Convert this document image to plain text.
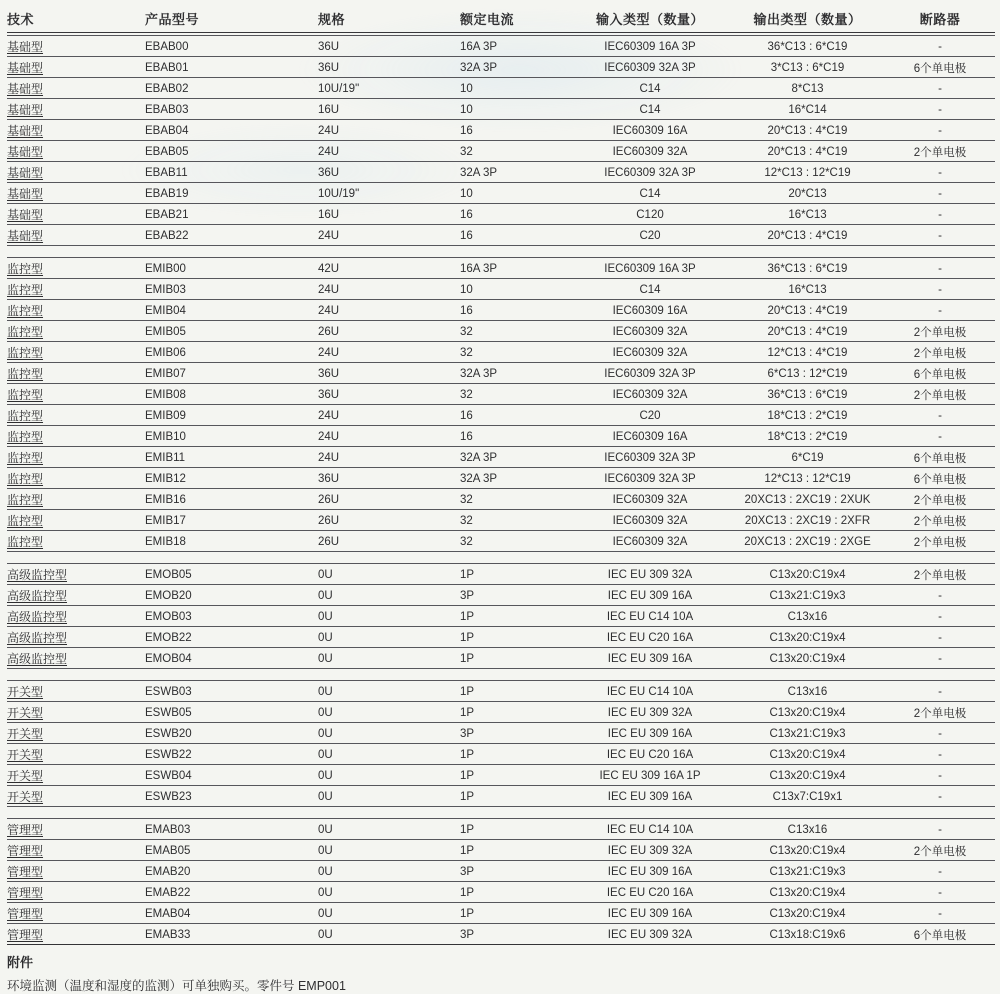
技术	产品型号	规格	额定电流	输入类型（数量）	输出类型（数量）	断路器
基础型	EBAB00	36U	16A 3P	IEC60309 16A 3P	36*C13 : 6*C19	-
基础型	EBAB01	36U	32A 3P	IEC60309 32A 3P	3*C13 : 6*C19	6个单电极
基础型	EBAB02	10U/19"	10	C14	8*C13	-
基础型	EBAB03	16U	10	C14	16*C14	-
基础型	EBAB04	24U	16	IEC60309 16A	20*C13 : 4*C19	-
基础型	EBAB05	24U	32	IEC60309 32A	20*C13 : 4*C19	2个单电极
基础型	EBAB11	36U	32A 3P	IEC60309 32A 3P	12*C13 : 12*C19	-
基础型	EBAB19	10U/19"	10	C14	20*C13	-
基础型	EBAB21	16U	16	C120	16*C13	-
基础型	EBAB22	24U	16	C20	20*C13 : 4*C19	-
监控型	EMIB00	42U	16A 3P	IEC60309 16A 3P	36*C13 : 6*C19	-
监控型	EMIB03	24U	10	C14	16*C13	-
监控型	EMIB04	24U	16	IEC60309 16A	20*C13 : 4*C19	-
监控型	EMIB05	26U	32	IEC60309 32A	20*C13 : 4*C19	2个单电极
监控型	EMIB06	24U	32	IEC60309 32A	12*C13 : 4*C19	2个单电极
监控型	EMIB07	36U	32A 3P	IEC60309 32A 3P	6*C13 : 12*C19	6个单电极
监控型	EMIB08	36U	32	IEC60309 32A	36*C13 : 6*C19	2个单电极
监控型	EMIB09	24U	16	C20	18*C13 : 2*C19	-
监控型	EMIB10	24U	16	IEC60309 16A	18*C13 : 2*C19	-
监控型	EMIB11	24U	32A 3P	IEC60309 32A 3P	6*C19	6个单电极
监控型	EMIB12	36U	32A 3P	IEC60309 32A 3P	12*C13 : 12*C19	6个单电极
监控型	EMIB16	26U	32	IEC60309 32A	20XC13 : 2XC19 : 2XUK	2个单电极
监控型	EMIB17	26U	32	IEC60309 32A	20XC13 : 2XC19 : 2XFR	2个单电极
监控型	EMIB18	26U	32	IEC60309 32A	20XC13 : 2XC19 : 2XGE	2个单电极
高级监控型	EMOB05	0U	1P	IEC EU 309 32A	C13x20:C19x4	2个单电极
高级监控型	EMOB20	0U	3P	IEC EU 309 16A	C13x21:C19x3	-
高级监控型	EMOB03	0U	1P	IEC EU C14 10A	C13x16	-
高级监控型	EMOB22	0U	1P	IEC EU C20 16A	C13x20:C19x4	-
高级监控型	EMOB04	0U	1P	IEC EU 309 16A	C13x20:C19x4	-
开关型	ESWB03	0U	1P	IEC EU C14 10A	C13x16	-
开关型	ESWB05	0U	1P	IEC EU 309 32A	C13x20:C19x4	2个单电极
开关型	ESWB20	0U	3P	IEC EU 309 16A	C13x21:C19x3	-
开关型	ESWB22	0U	1P	IEC EU C20 16A	C13x20:C19x4	-
开关型	ESWB04	0U	1P	IEC EU 309 16A 1P	C13x20:C19x4	-
开关型	ESWB23	0U	1P	IEC EU 309 16A	C13x7:C19x1	-
管理型	EMAB03	0U	1P	IEC EU C14 10A	C13x16	-
管理型	EMAB05	0U	1P	IEC EU 309 32A	C13x20:C19x4	2个单电极
管理型	EMAB20	0U	3P	IEC EU 309 16A	C13x21:C19x3	-
管理型	EMAB22	0U	1P	IEC EU C20 16A	C13x20:C19x4	-
管理型	EMAB04	0U	1P	IEC EU 309 16A	C13x20:C19x4	-
管理型	EMAB33	0U	3P	IEC EU 309 32A	C13x18:C19x6	6个单电极
附件
环境监测（温度和湿度的监测）可单独购买。零件号 EMP001
